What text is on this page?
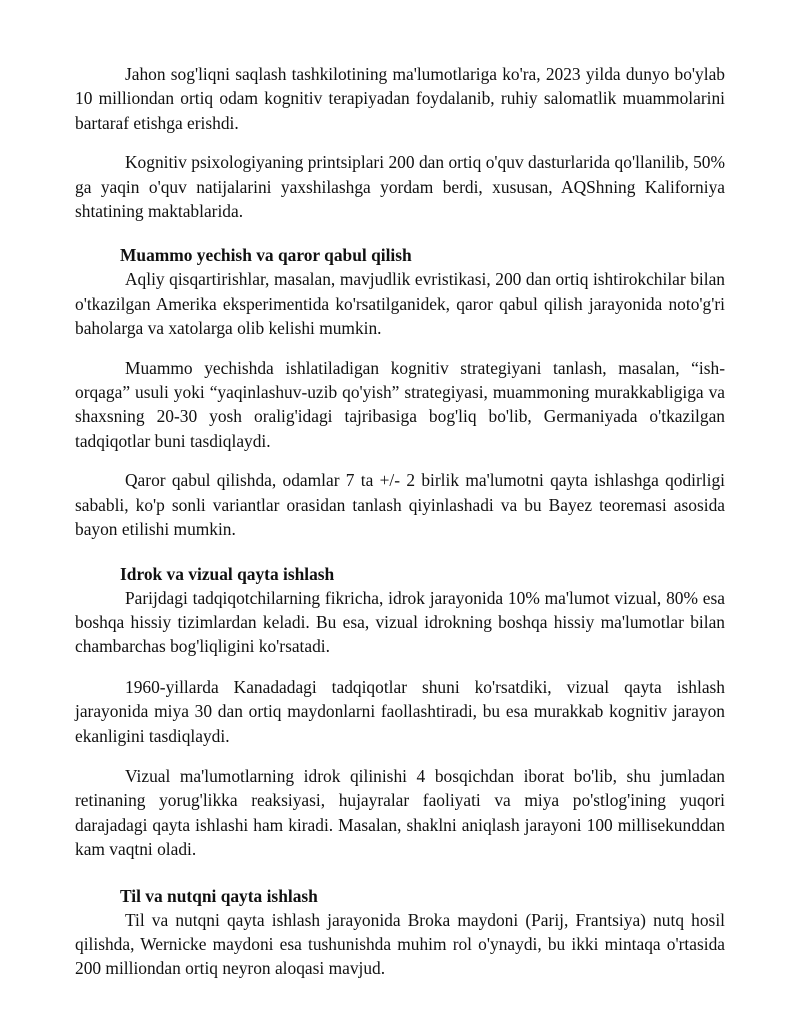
Jahon sog'liqni saqlash tashkilotining ma'lumotlariga ko'ra, 2023 yilda dunyo bo'ylab 10 milliondan ortiq odam kognitiv terapiyadan foydalanib, ruhiy salomatlik muammolarini bartaraf etishga erishdi.

Kognitiv psixologiyaning printsiplari 200 dan ortiq o'quv dasturlarida qo'llanilib, 50% ga yaqin o'quv natijalarini yaxshilashga yordam berdi, xususan, AQShning Kaliforniya shtatining maktablarida.

Muammo yechish va qaror qabul qilish

Aqliy qisqartirishlar, masalan, mavjudlik evristikasi, 200 dan ortiq ishtirokchilar bilan o'tkazilgan Amerika eksperimentida ko'rsatilganidek, qaror qabul qilish jarayonida noto'g'ri baholarga va xatolarga olib kelishi mumkin.

Muammo yechishda ishlatiladigan kognitiv strategiyani tanlash, masalan, “ish-orqaga” usuli yoki “yaqinlashuv-uzib qo'yish” strategiyasi, muammoning murakkabligiga va shaxsning 20-30 yosh oralig'idagi tajribasiga bog'liq bo'lib, Germaniyada o'tkazilgan tadqiqotlar buni tasdiqlaydi.

Qaror qabul qilishda, odamlar 7 ta +/- 2 birlik ma'lumotni qayta ishlashga qodirligi sababli, ko'p sonli variantlar orasidan tanlash qiyinlashadi va bu Bayez teoremasi asosida bayon etilishi mumkin.

Idrok va vizual qayta ishlash

Parijdagi tadqiqotchilarning fikricha, idrok jarayonida 10% ma'lumot vizual, 80% esa boshqa hissiy tizimlardan keladi. Bu esa, vizual idrokning boshqa hissiy ma'lumotlar bilan chambarchas bog'liqligini ko'rsatadi.

1960-yillarda Kanadadagi tadqiqotlar shuni ko'rsatdiki, vizual qayta ishlash jarayonida miya 30 dan ortiq maydonlarni faollashtiradi, bu esa murakkab kognitiv jarayon ekanligini tasdiqlaydi.

Vizual ma'lumotlarning idrok qilinishi 4 bosqichdan iborat bo'lib, shu jumladan retinaning yorug'likka reaksiyasi, hujayralar faoliyati va miya po'stlog'ining yuqori darajadagi qayta ishlashi ham kiradi. Masalan, shaklni aniqlash jarayoni 100 millisekunddan kam vaqtni oladi.

Til va nutqni qayta ishlash

Til va nutqni qayta ishlash jarayonida Broka maydoni (Parij, Frantsiya) nutq hosil qilishda, Wernicke maydoni esa tushunishda muhim rol o'ynaydi, bu ikki mintaqa o'rtasida 200 milliondan ortiq neyron aloqasi mavjud.
